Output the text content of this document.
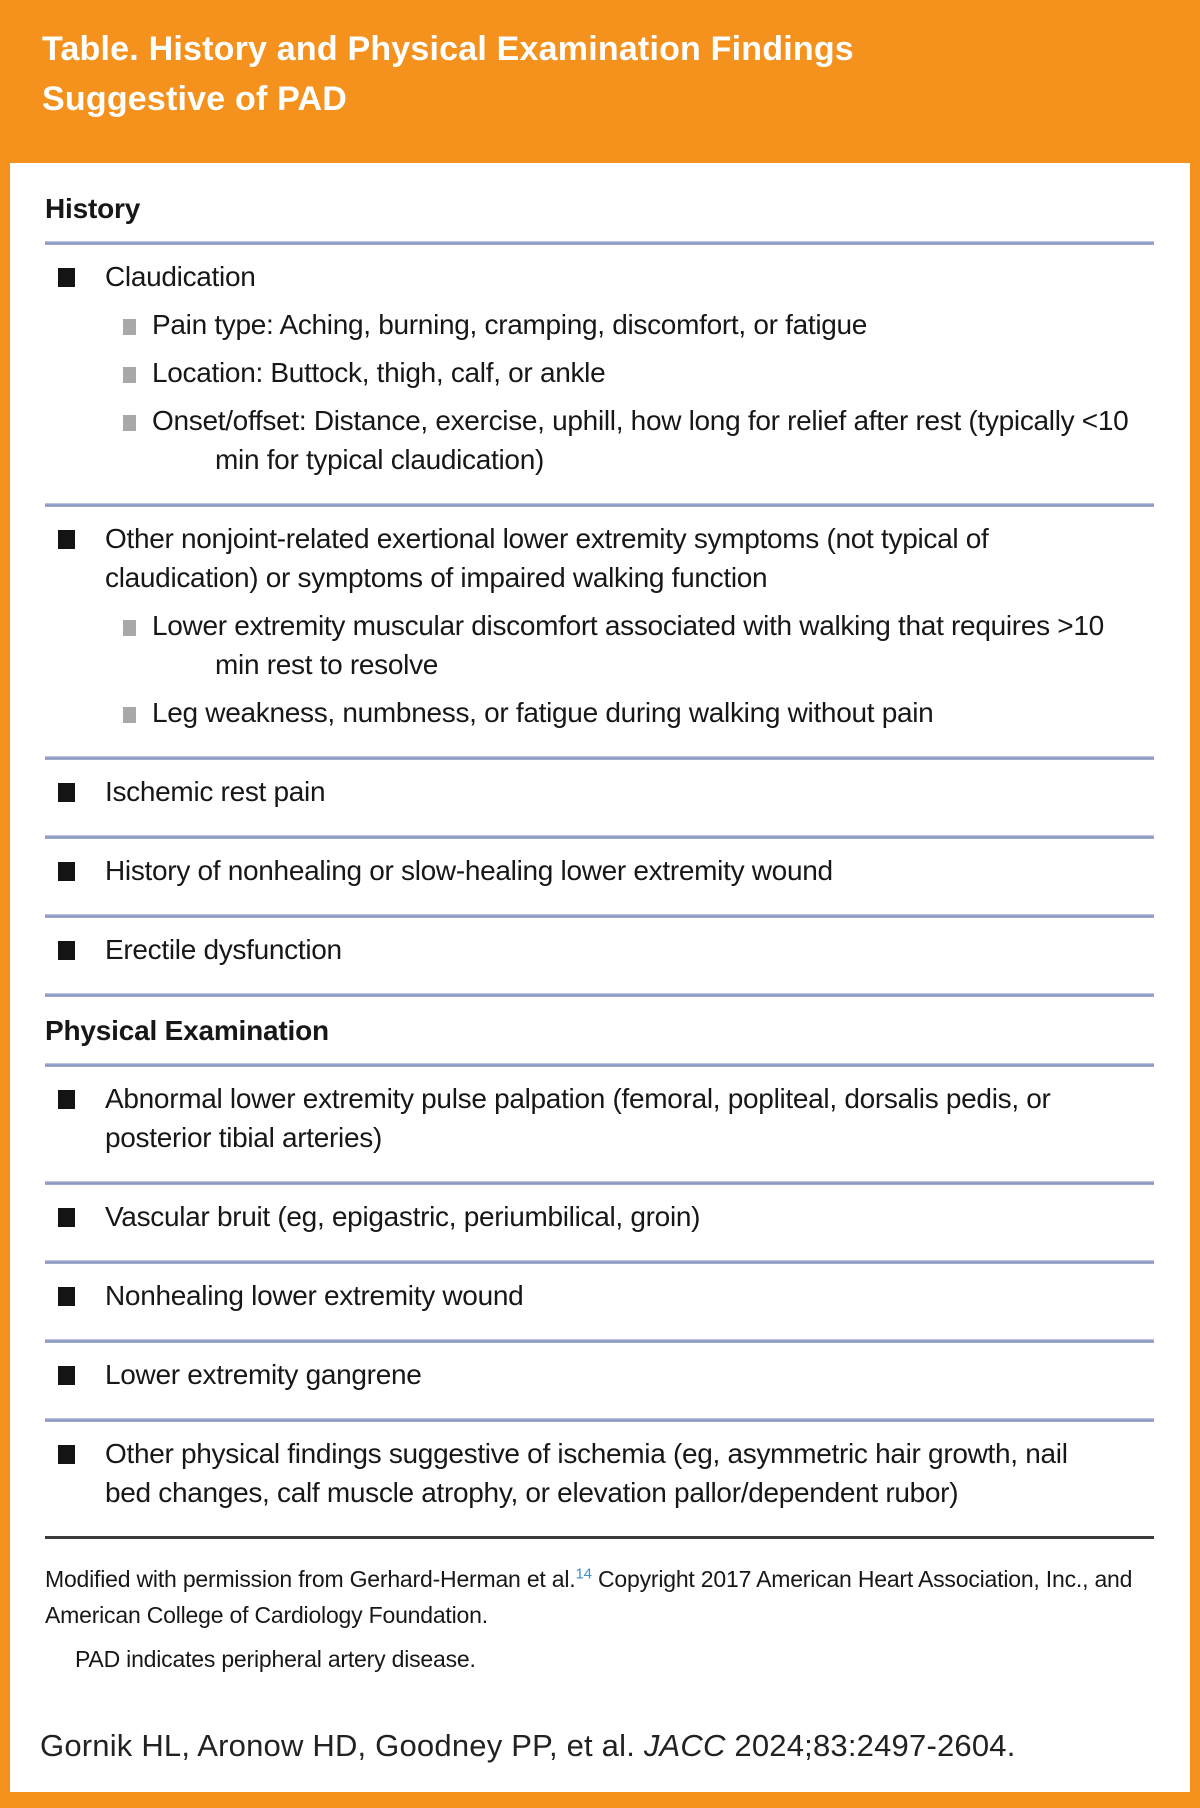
Table. History and Physical Examination Findings
Suggestive of PAD
History
Claudication
Pain type: Aching, burning, cramping, discomfort, or fatigue
Location: Buttock, thigh, calf, or ankle
Onset/offset: Distance, exercise, uphill, how long for relief after rest (typically <10 min for typical claudication)
Other nonjoint-related exertional lower extremity symptoms (not typical of claudication) or symptoms of impaired walking function
Lower extremity muscular discomfort associated with walking that requires >10 min rest to resolve
Leg weakness, numbness, or fatigue during walking without pain
Ischemic rest pain
History of nonhealing or slow-healing lower extremity wound
Erectile dysfunction
Physical Examination
Abnormal lower extremity pulse palpation (femoral, popliteal, dorsalis pedis, or posterior tibial arteries)
Vascular bruit (eg, epigastric, periumbilical, groin)
Nonhealing lower extremity wound
Lower extremity gangrene
Other physical findings suggestive of ischemia (eg, asymmetric hair growth, nail bed changes, calf muscle atrophy, or elevation pallor/dependent rubor)

Modified with permission from Gerhard-Herman et al.$^{14}$ Copyright 2017 American Heart Association, Inc., and American College of Cardiology Foundation.

PAD indicates peripheral artery disease.

Gornik HL, Aronow HD, Goodney PP, et al. JACC 2024;83:2497-2604.
